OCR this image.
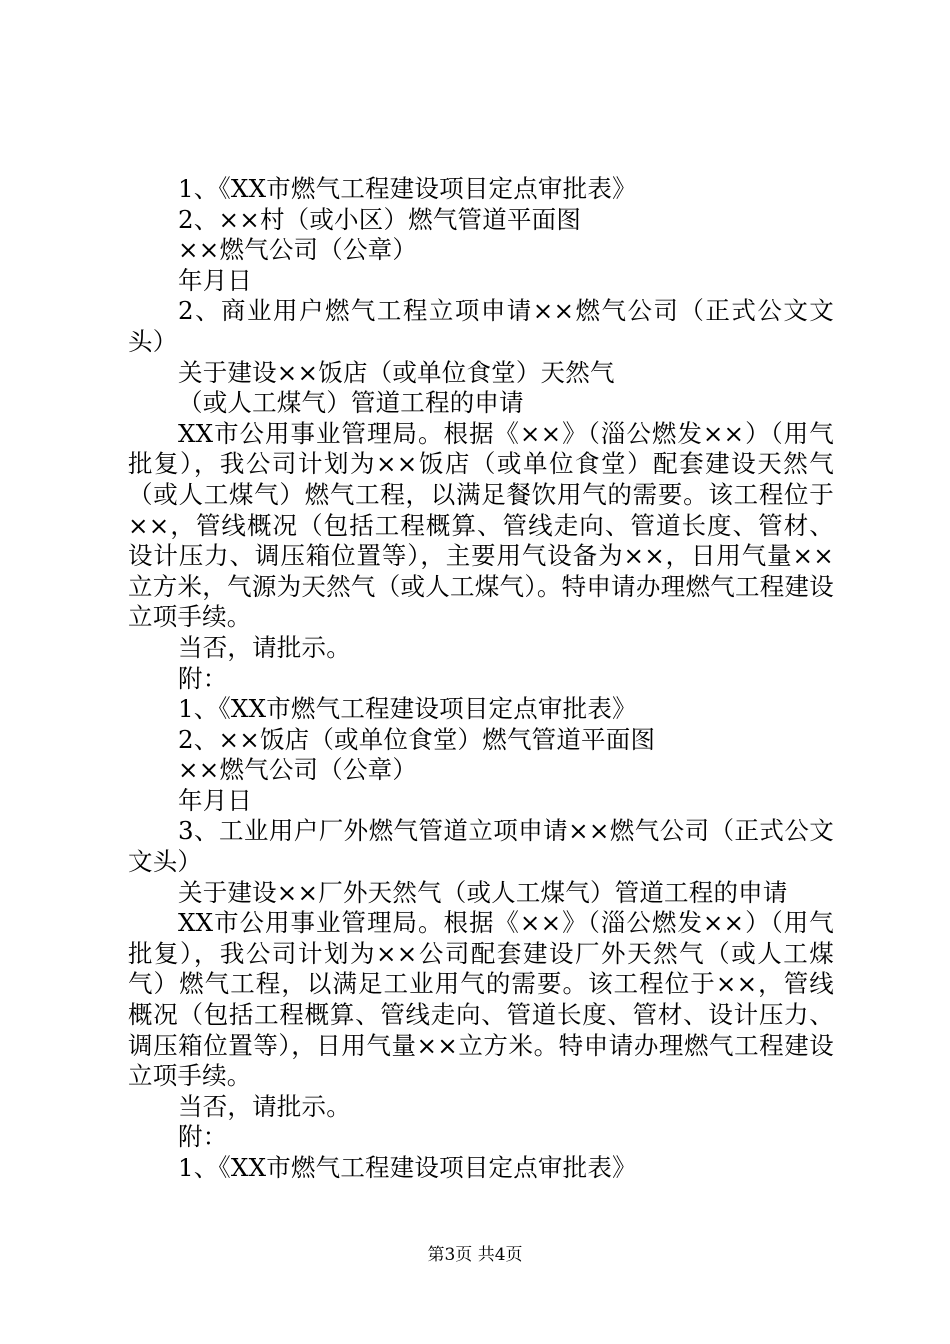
1、《XX市燃气工程建设项目定点审批表》

2、××村（或小区）燃气管道平面图

××燃气公司（公章）

年月日

2、商业用户燃气工程立项申请××燃气公司（正式公文文头）

关于建设××饭店（或单位食堂）天然气

（或人工煤气）管道工程的申请

XX市公用事业管理局。根据《××》（淄公燃发××）（用气批复），我公司计划为××饭店（或单位食堂）配套建设天然气（或人工煤气）燃气工程，以满足餐饮用气的需要。该工程位于××，管线概况（包括工程概算、管线走向、管道长度、管材、设计压力、调压箱位置等），主要用气设备为××，日用气量××立方米，气源为天然气（或人工煤气）。特申请办理燃气工程建设立项手续。

当否，请批示。

附：

1、《XX市燃气工程建设项目定点审批表》

2、××饭店（或单位食堂）燃气管道平面图

××燃气公司（公章）

年月日

3、工业用户厂外燃气管道立项申请××燃气公司（正式公文文头）

关于建设××厂外天然气（或人工煤气）管道工程的申请

XX市公用事业管理局。根据《××》（淄公燃发××）（用气批复），我公司计划为××公司配套建设厂外天然气（或人工煤气）燃气工程，以满足工业用气的需要。该工程位于××，管线概况（包括工程概算、管线走向、管道长度、管材、设计压力、调压箱位置等），日用气量××立方米。特申请办理燃气工程建设立项手续。

当否，请批示。

附：

1、《XX市燃气工程建设项目定点审批表》

第3页 共4页
